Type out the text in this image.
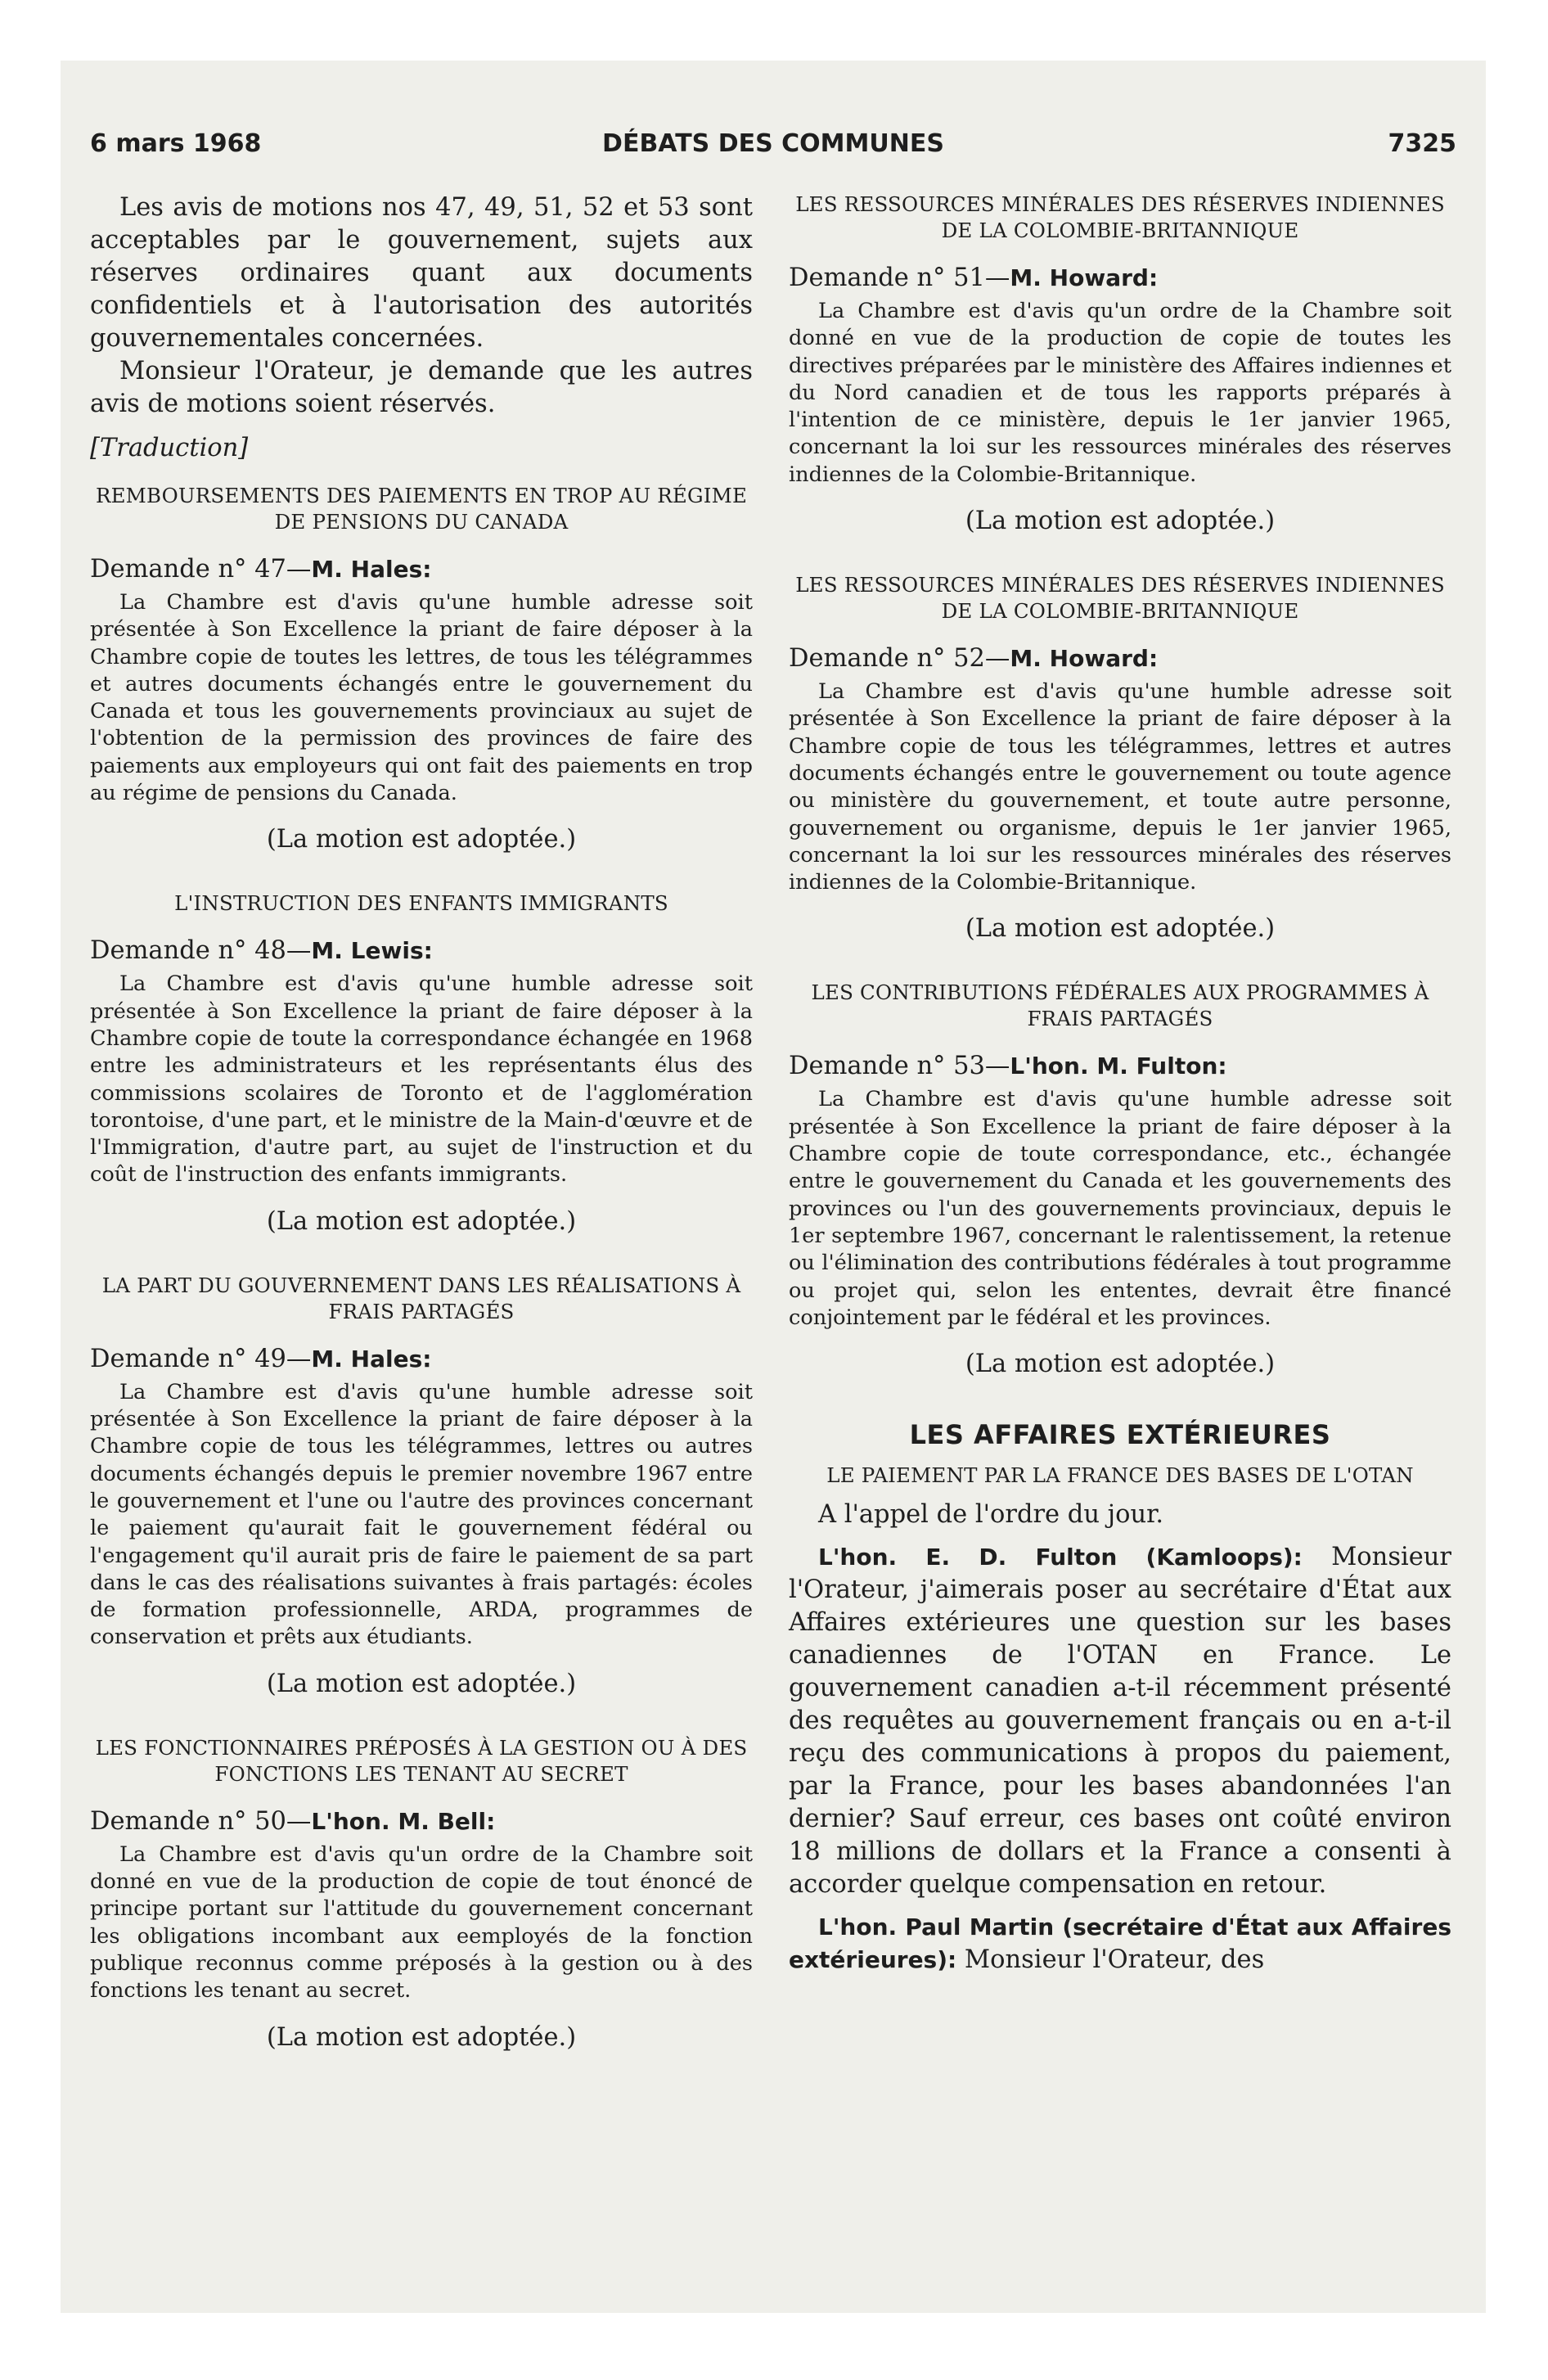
6 mars 1968	DÉBATS DES COMMUNES	7325

Les avis de motions nos 47, 49, 51, 52 et 53 sont acceptables par le gouvernement, sujets aux réserves ordinaires quant aux documents confidentiels et à l'autorisation des autorités gouvernementales concernées.

Monsieur l'Orateur, je demande que les autres avis de motions soient réservés.

[Traduction]

REMBOURSEMENTS DES PAIEMENTS EN TROP AU RÉGIME DE PENSIONS DU CANADA

Demande n° 47—M. Hales:

La Chambre est d'avis qu'une humble adresse soit présentée à Son Excellence la priant de faire déposer à la Chambre copie de toutes les lettres, de tous les télégrammes et autres documents échangés entre le gouvernement du Canada et tous les gouvernements provinciaux au sujet de l'obtention de la permission des provinces de faire des paiements aux employeurs qui ont fait des paiements en trop au régime de pensions du Canada.

(La motion est adoptée.)

L'INSTRUCTION DES ENFANTS IMMIGRANTS

Demande n° 48—M. Lewis:

La Chambre est d'avis qu'une humble adresse soit présentée à Son Excellence la priant de faire déposer à la Chambre copie de toute la correspondance échangée en 1968 entre les administrateurs et les représentants élus des commissions scolaires de Toronto et de l'agglomération torontoise, d'une part, et le ministre de la Main-d'œuvre et de l'Immigration, d'autre part, au sujet de l'instruction et du coût de l'instruction des enfants immigrants.

(La motion est adoptée.)

LA PART DU GOUVERNEMENT DANS LES RÉALISATIONS À FRAIS PARTAGÉS

Demande n° 49—M. Hales:

La Chambre est d'avis qu'une humble adresse soit présentée à Son Excellence la priant de faire déposer à la Chambre copie de tous les télégrammes, lettres ou autres documents échangés depuis le premier novembre 1967 entre le gouvernement et l'une ou l'autre des provinces concernant le paiement qu'aurait fait le gouvernement fédéral ou l'engagement qu'il aurait pris de faire le paiement de sa part dans le cas des réalisations suivantes à frais partagés: écoles de formation professionnelle, ARDA, programmes de conservation et prêts aux étudiants.

(La motion est adoptée.)

LES FONCTIONNAIRES PRÉPOSÉS À LA GESTION OU À DES FONCTIONS LES TENANT AU SECRET

Demande n° 50—L'hon. M. Bell:

La Chambre est d'avis qu'un ordre de la Chambre soit donné en vue de la production de copie de tout énoncé de principe portant sur l'attitude du gouvernement concernant les obligations incombant aux eemployés de la fonction publique reconnus comme préposés à la gestion ou à des fonctions les tenant au secret.

(La motion est adoptée.)

LES RESSOURCES MINÉRALES DES RÉSERVES INDIENNES DE LA COLOMBIE-BRITANNIQUE

Demande n° 51—M. Howard:

La Chambre est d'avis qu'un ordre de la Chambre soit donné en vue de la production de copie de toutes les directives préparées par le ministère des Affaires indiennes et du Nord canadien et de tous les rapports préparés à l'intention de ce ministère, depuis le 1er janvier 1965, concernant la loi sur les ressources minérales des réserves indiennes de la Colombie-Britannique.

(La motion est adoptée.)

LES RESSOURCES MINÉRALES DES RÉSERVES INDIENNES DE LA COLOMBIE-BRITANNIQUE

Demande n° 52—M. Howard:

La Chambre est d'avis qu'une humble adresse soit présentée à Son Excellence la priant de faire déposer à la Chambre copie de tous les télégrammes, lettres et autres documents échangés entre le gouvernement ou toute agence ou ministère du gouvernement, et toute autre personne, gouvernement ou organisme, depuis le 1er janvier 1965, concernant la loi sur les ressources minérales des réserves indiennes de la Colombie-Britannique.

(La motion est adoptée.)

LES CONTRIBUTIONS FÉDÉRALES AUX PROGRAMMES À FRAIS PARTAGÉS

Demande n° 53—L'hon. M. Fulton:

La Chambre est d'avis qu'une humble adresse soit présentée à Son Excellence la priant de faire déposer à la Chambre copie de toute correspondance, etc., échangée entre le gouvernement du Canada et les gouvernements des provinces ou l'un des gouvernements provinciaux, depuis le 1er septembre 1967, concernant le ralentissement, la retenue ou l'élimination des contributions fédérales à tout programme ou projet qui, selon les ententes, devrait être financé conjointement par le fédéral et les provinces.

(La motion est adoptée.)

LES AFFAIRES EXTÉRIEURES

LE PAIEMENT PAR LA FRANCE DES BASES DE L'OTAN

A l'appel de l'ordre du jour.

L'hon. E. D. Fulton (Kamloops): Monsieur l'Orateur, j'aimerais poser au secrétaire d'État aux Affaires extérieures une question sur les bases canadiennes de l'OTAN en France. Le gouvernement canadien a-t-il récemment présenté des requêtes au gouvernement français ou en a-t-il reçu des communications à propos du paiement, par la France, pour les bases abandonnées l'an dernier? Sauf erreur, ces bases ont coûté environ 18 millions de dollars et la France a consenti à accorder quelque compensation en retour.

L'hon. Paul Martin (secrétaire d'État aux Affaires extérieures): Monsieur l'Orateur, des
